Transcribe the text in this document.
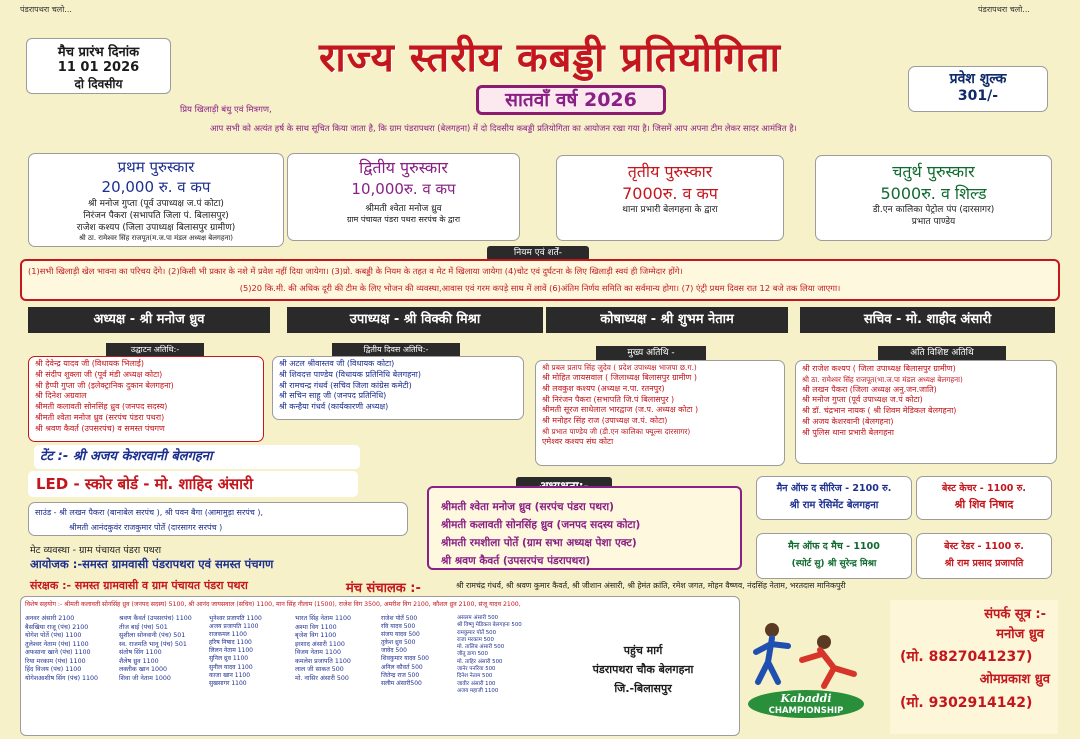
पंडरापथरा चलो...	पंडरापथरा चलो...
मैच प्रारंभ दिनांक
11 01 2026
दो दिवसीय
राज्य स्तरीय कबड्डी प्रतियोगिता	प्रवेश शुल्क
301/-
सातवाँ वर्ष 2026
प्रिय खिलाड़ी बंधु एवं मित्रगण,
आप सभी को अत्यंत हर्ष के साथ सूचित किया जाता है, कि ग्राम पंडरापथरा (बेलगहना) में दो दिवसीय कबड्डी प्रतियोगिता का आयोजन रखा गया है। जिसमें आप अपना टीम लेकर सादर आमंत्रित है।
प्रथम पुरुस्कार
20,000 रु. व कप
श्री मनोज गुप्ता (पूर्व उपाध्यक्ष ज.पं कोटा)
निरंजन पैकरा (सभापति जिला पं. बिलासपुर)
राजेश कश्यप (जिला उपाध्यक्ष बिलासपुर ग्रामीण)
श्री ठा. रामेश्वर सिंह राजपूत(म.ज.पा मंडल अध्यक्ष बेलगहना)
द्वितीय पुरुस्कार
10,000रु. व कप
श्रीमती श्वेता मनोज ध्रुव
ग्राम पंचायत पंडरा पथरा सरपंच के द्वारा
तृतीय पुरुस्कार
7000रु. व कप
थाना प्रभारी बेलगहना के द्वारा
चतुर्थ पुरुस्कार
5000रु. व शिल्ड
डी.एन कालिका पेट्रोल पंप (दारसागर)
प्रभात पाण्डेय
नियम एवं शर्तें-
(1)सभी खिलाड़ी खेल भावना का परिचय देंगे। (2)किसी भी प्रकार के नशे में प्रवेश नहीं दिया जायेगा। (3)प्रो. कबड्डी के नियम के तहत व मेट में खिलाया जायेगा (4)चोट एवं दुर्घटना के लिए खिलाड़ी स्वयं ही जिम्मेदार होंगे।
(5)20 कि.मी. की अधिक दूरी की टीम के लिए भोजन की व्यवस्था,आवास एवं गरम कपड़े साथ में लावें (6)अंतिम निर्णय समिति का सर्वमान्य होगा। (7) एंट्री प्रथम दिवस रात 12 बजे तक लिया जाएगा।
अध्यक्ष - श्री मनोज ध्रुव	उपाध्यक्ष - श्री विक्की मिश्रा	कोषाध्यक्ष - श्री शुभम नेताम	सचिव - मो. शाहीद अंसारी
उद्घाटन अतिथि:-
श्री देवेन्द्र यादव जी (विधायक भिलाई)
श्री संदीप शुक्ला जी (पूर्व मंडी अध्यक्ष कोटा)
श्री हैप्पी गुप्ता जी (इलेक्ट्रानिक दुकान बेलगहना)
श्री दिनेश अग्रवाल
श्रीमती कलावती सोनसिंह ध्रुव (जनपद सदस्य)
श्रीमती श्वेता मनोज ध्रुव (सरपंच पंडरा पथरा)
श्री श्रवण कैवर्त (उपसरपंच) व समस्त पंचगण
द्वितीय दिवस अतिथि:-
श्री अटल श्रीवास्तव जी (विधायक कोटा)
श्री शिवदत्त पाण्डेय (विधायक प्रतिनिधि बेलगहना)
श्री रामचन्द्र गंधर्व (सचिव जिला कांग्रेस कमेटी)
श्री सचिन साहू जी (जनपद प्रतिनिधि)
श्री कन्हैया गंधर्व (कार्यकारणी अध्यक्ष)
मुख्य अतिथि -
श्री प्रबल प्रताप सिंह जुदेव ( प्रदेश उपाध्यक्ष भाजपा छ.ग.)
श्री मोहित जायसवाल ( जिलाध्यक्ष बिलासपुर ग्रामीण )
श्री लवकुश कश्यप (अध्यक्ष न.पा. रतनपुर)
श्री निरंजन पैकरा (सभापति जि.पं बिलासपुर )
श्रीमती सूरज साधेलाल भारद्वाज (ज.प. अध्यक्ष कोटा )
श्री मनोहर सिंह राज (उपाध्यक्ष ज.पं. कोटा)
श्री प्रभात पाण्डेय जी (डी.एन कालिका फ्यूल्स दारसागर)
एमेश्वर कश्यप संघ कोटा
अति विशिष्ट अतिथि
श्री राजेश कश्यप ( जिला उपाध्यक्ष बिलासपुर ग्रामीण)
श्री ठा. रामेश्वर सिंह राजपूत(भा.ज.पा मंडल अध्यक्ष बेलगहना)
श्री लखन पैकरा (जिला अध्यक्ष अनु.जन.जाति)
श्री मनोज गुप्ता (पूर्व उपाध्यक्ष ज.पं कोटा)
श्री डॉ. चंद्रभान नायक ( श्री शिवम मेडिकल बेलगहना)
श्री अजय केशरवानी (बेलगहना)
श्री पुलिस थाना प्रभारी बेलगहना
टेंट :- श्री अजय केशरवानी बेलगहना
LED - स्कोर बोर्ड - मो. शाहिद अंसारी
साउंड - श्री लखन पैकरा (बानाबेल सरपंच ), श्री पवन बैगा (आमामुड़ा सरपंच ),
श्रीमती आनंदकुवंर राजकुमार पोर्ते (दारसागर सरपंच )
मेट व्यवस्था - ग्राम पंचायत पंडरा पथरा
आयोजक :-समस्त ग्रामवासी पंडरापथरा एवं समस्त पंचगण
श्रीमती श्वेता मनोज ध्रुव (सरपंच पंडरा पथरा)
श्रीमती कलावती सोनसिंह ध्रुव (जनपद सदस्य कोटा)
श्रीमती रमशीला पोर्ते (ग्राम सभा अध्यक्ष पेशा एक्ट)
श्री श्रवण कैवर्त (उपसरपंच पंडरापथरा)
मैन ऑफ द सीरिज - 2100 रु.
श्री राम रेसिमेंट बेलगहना
बेस्ट केचर - 1100 रु.
श्री शिव निषाद
मैन ऑफ द मैच - 1100
(स्पोर्ट सु) श्री सुरेन्द्र मिश्रा
बेस्ट रेडर - 1100 रु.
श्री राम प्रसाद प्रजापति
संरक्षक :- समस्त ग्रामवासी व ग्राम पंचायत पंडरा पथरा	मंच संचालक :-	श्री रामचंद्र गंधर्व, श्री श्रवण कुमार कैवर्त, श्री जीशान अंसारी, श्री हेमंत क्रांति, रमेश जगत, मोहन वैष्णव, नंदसिंह नेताम, भरतदास मानिकपुरी
विशेष सहयोग :- श्रीमती कलावती सोनसिंह ध्रुव (जनपद सदस्य) 5100, श्री आनंद जायसवाल (सचिव) 1100, मान सिंह नीलाम (1500), राजेश विग 3500, अमरीश विग 2100, कौशल ध्रुव 2100, संजू यादव 2100,
अनवर अंसारी 2100
बैसखिया राजू (पंच) 2100
योगेश पोर्ते (पंच) 1100
तुलेश्वर नेताम (पंच) 1100
अफसाना खाने (पंच) 1100
रिया मरकाम (पंच) 1100
हिंद विजय (पंच) 1100
योगेशआशीष सिंग (पंच) 1100
श्रवण कैवर्त (उपसरपंच) 1100
तीज बाई (पंच) 501
सुशीला सोनवानी (पंच) 501
स्व. राजमति भानू (पंच) 501
संतोष सिंग 1100
शैलेष ध्रुव 1100
लक्तीक खान 1000
शिवा जी नेताम 1000
भुनेश्वर प्रजापति 1100
अजय प्रजापति 1100
राजकमल 1100
हरिष निषाद 1100
लिलन नेताम 1100
सुनिल ध्रुव 1100
सुनील यादव 1100
काजा खान 1100
सुखसागर 1100
भारत सिंह नेताम 1100
अश्मा विग 1100
बृजेश विग 1100
इरशाद अंसारी 1100
विजय नेताम 1100
कमलेश प्रजापति 1100
लाल जी साकत 500
मो. नासिर अंसारी 500
राजेश पोर्ते 500
रवि यादव 500
संजय यादव 500
तुकेश ध्रुव 500
जावेद 500
शिवकुमार यादव 500
अनिल कौवर्त 500
जितेन्द्र राज 500
सलीम अंसारी500
असलम अंसारी 500
श्री विष्णु मेडिकल बेलगहना 500
रामकुमार पोर्ते 500
राजा मरकाम 500
मो. तालिब अंसारी 500
जीतू डागा 500
मो. ताहिर अंसारी 500
जानेर पनरिया 500
दिनेश नेताम 500
जावीर अंसारी 100
अजय महाजी 1100
पहुंच मार्ग
पंडरापथरा चौक बेलगहना
जि.-बिलासपुर
Kabaddi
CHAMPIONSHIP
संपर्क सूत्र :-
मनोज ध्रुव
(मो. 8827041237)
ओमप्रकाश ध्रुव
(मो. 9302914142)
